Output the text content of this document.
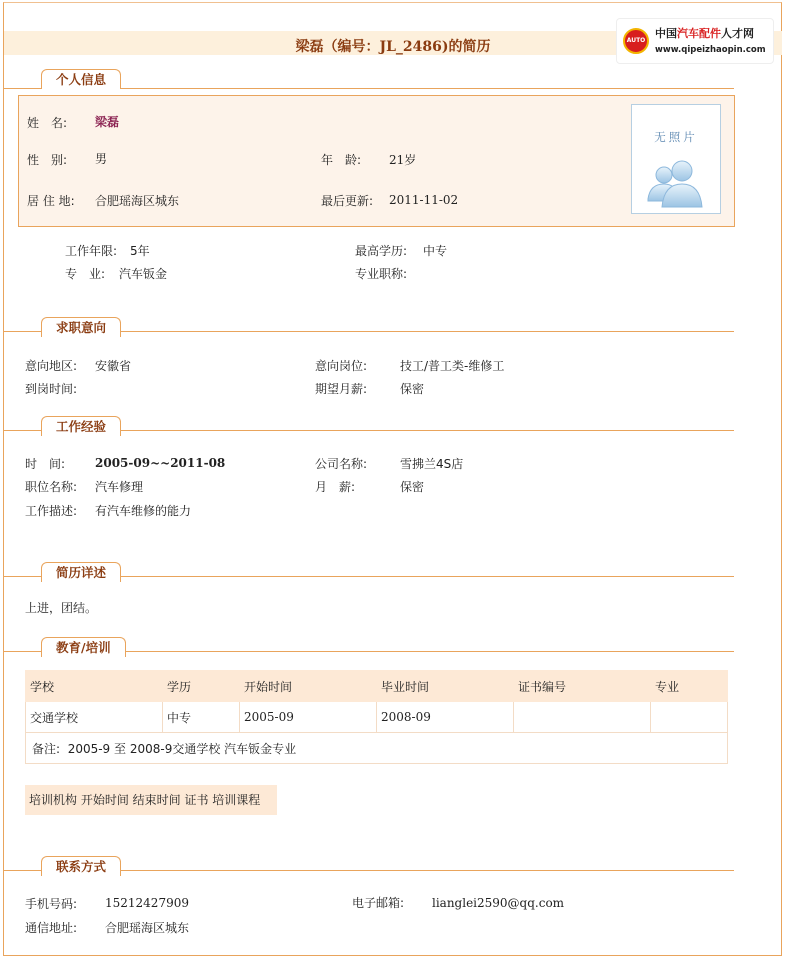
梁磊（编号：JL_2486)的简历	AUTO
中国汽车配件人才网
www.qipeizhaopin.com
个人信息
姓　名: 梁磊
性　别: 男	年　龄: 21岁
居 住 地: 合肥瑶海区城东	最后更新: 2011-11-02
无照片
工作年限: 5年	最高学历: 中专
专　业: 汽车钣金	专业职称:
求职意向
意向地区: 安徽省	意向岗位:	技工/普工类-维修工
到岗时间:	期望月薪:	保密
工作经验
时　间: 2005-09~~2011-08	公司名称:	雪拂兰4S店
职位名称: 汽车修理	月　薪:	保密
工作描述: 有汽车维修的能力
简历详述
上进，团结。
教育/培训
学校	学历	开始时间	毕业时间	证书编号	专业
交通学校	中专	2005-09	2008-09		
备注: 2005-9 至 2008-9交通学校 汽车钣金专业					
培训机构 开始时间 结束时间 证书 培训课程
联系方式
手机号码: 15212427909	电子邮箱: lianglei2590@qq.com
通信地址: 合肥瑶海区城东
